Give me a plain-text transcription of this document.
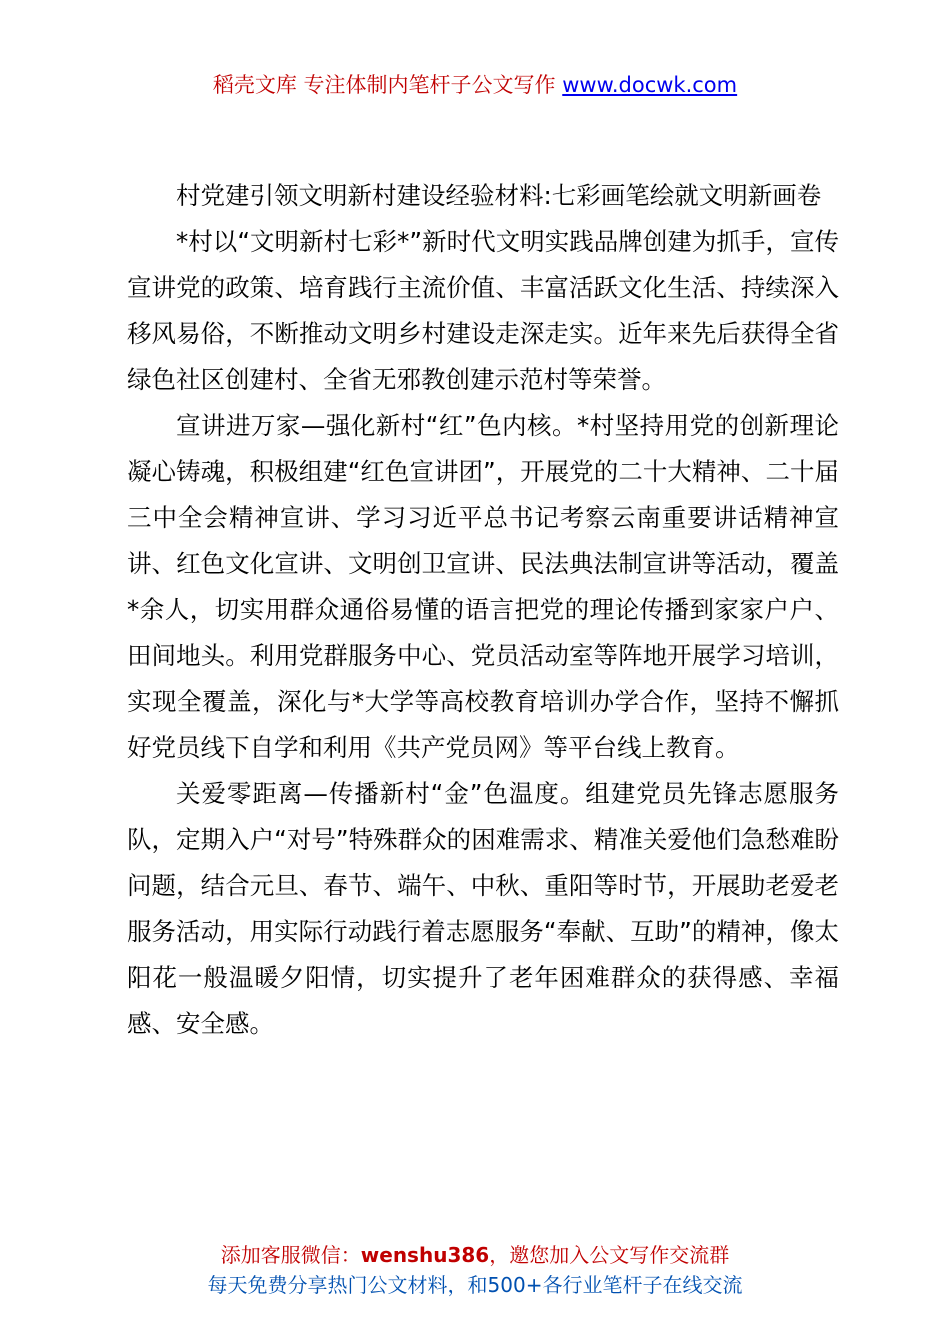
稻壳文库 专注体制内笔杆子公文写作 www.docwk.com

村党建引领文明新村建设经验材料:七彩画笔绘就文明新画卷

*村以“文明新村七彩*”新时代文明实践品牌创建为抓手，宣传宣讲党的政策、培育践行主流价值、丰富活跃文化生活、持续深入移风易俗，不断推动文明乡村建设走深走实。近年来先后获得全省绿色社区创建村、全省无邪教创建示范村等荣誉。

宣讲进万家—强化新村“红”色内核。*村坚持用党的创新理论凝心铸魂，积极组建“红色宣讲团”，开展党的二十大精神、二十届三中全会精神宣讲、学习习近平总书记考察云南重要讲话精神宣讲、红色文化宣讲、文明创卫宣讲、民法典法制宣讲等活动，覆盖*余人，切实用群众通俗易懂的语言把党的理论传播到家家户户、田间地头。利用党群服务中心、党员活动室等阵地开展学习培训，实现全覆盖，深化与*大学等高校教育培训办学合作，坚持不懈抓好党员线下自学和利用《共产党员网》等平台线上教育。

关爱零距离—传播新村“金”色温度。组建党员先锋志愿服务队，定期入户“对号”特殊群众的困难需求、精准关爱他们急愁难盼问题，结合元旦、春节、端午、中秋、重阳等时节，开展助老爱老服务活动，用实际行动践行着志愿服务“奉献、互助”的精神，像太阳花一般温暖夕阳情，切实提升了老年困难群众的获得感、幸福感、安全感。

添加客服微信：wenshu386，邀您加入公文写作交流群
每天免费分享热门公文材料，和500+各行业笔杆子在线交流
